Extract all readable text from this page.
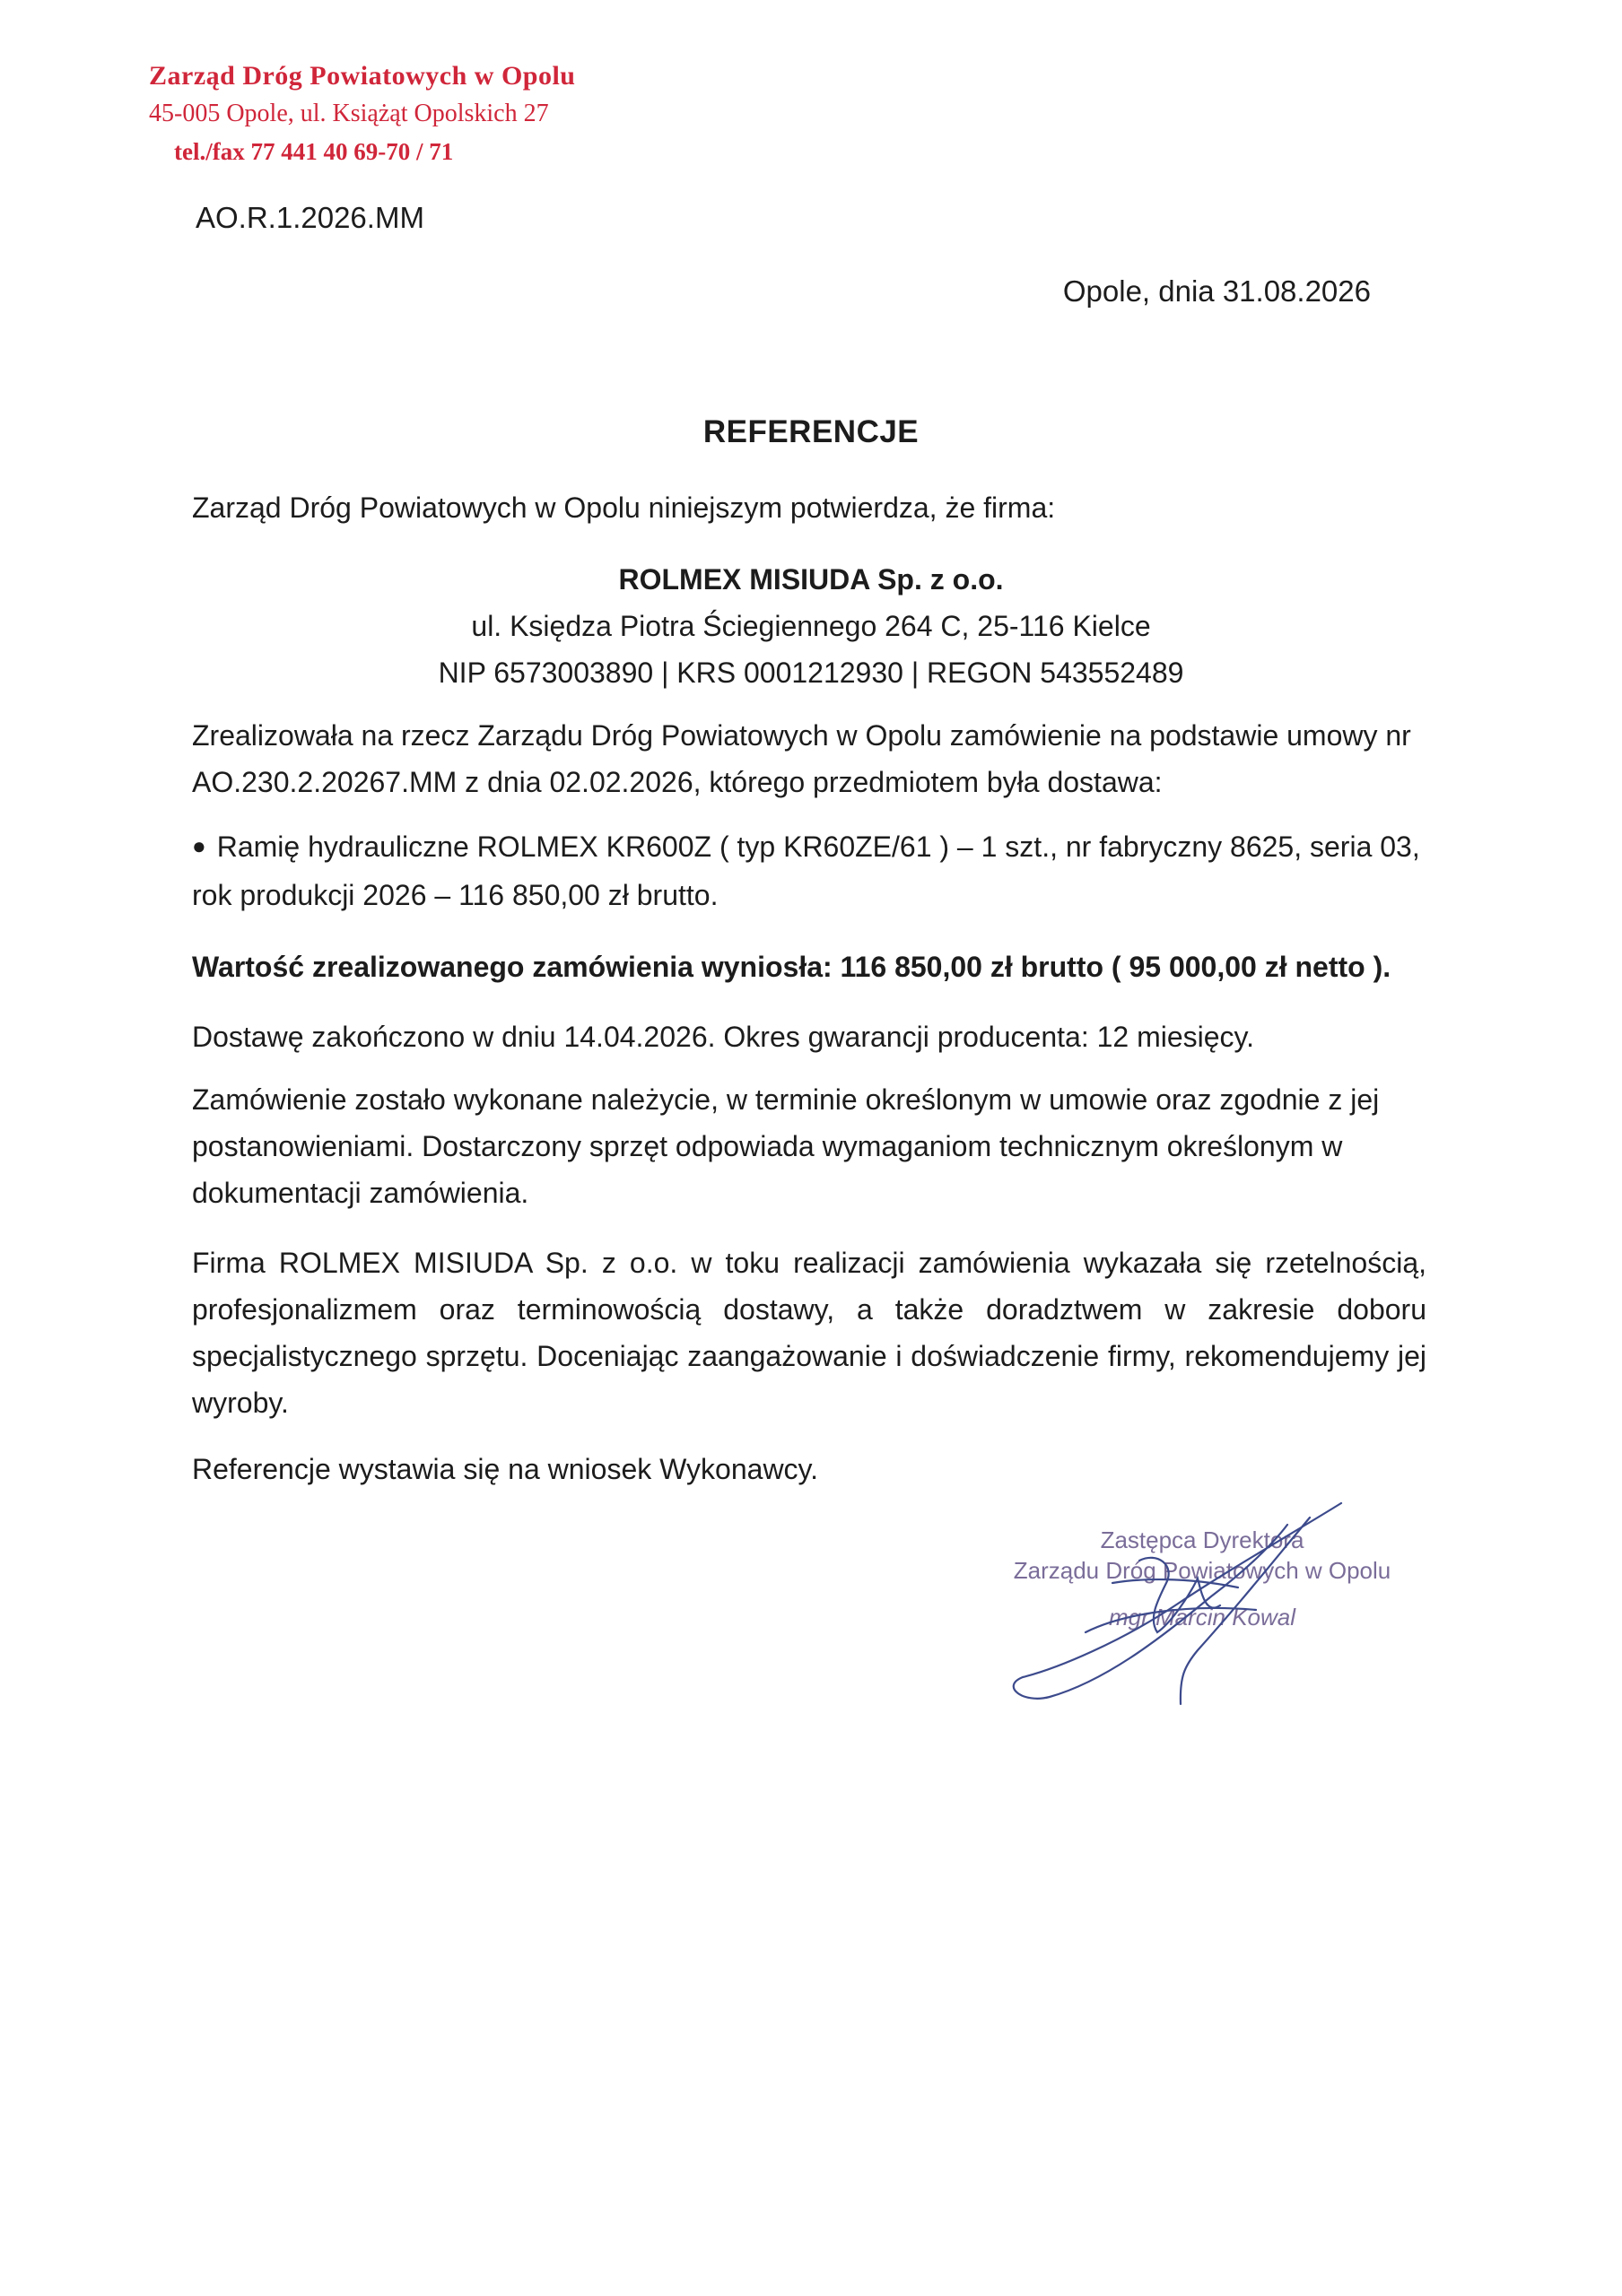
Zarząd Dróg Powiatowych w Opolu
45-005 Opole, ul. Książąt Opolskich 27
tel./fax 77 441 40 69-70 / 71
AO.R.1.2026.MM
Opole, dnia 31.08.2026
REFERENCJE
Zarząd Dróg Powiatowych w Opolu niniejszym potwierdza, że firma:
ROLMEX MISIUDA Sp. z o.o.
ul. Księdza Piotra Ściegiennego 264 C, 25-116 Kielce
NIP 6573003890 | KRS 0001212930 | REGON 543552489
Zrealizowała na rzecz Zarządu Dróg Powiatowych w Opolu zamówienie na podstawie umowy nr AO.230.2.20267.MM z dnia 02.02.2026, którego przedmiotem była dostawa:
● Ramię hydrauliczne ROLMEX KR600Z ( typ KR60ZE/61 ) – 1 szt., nr fabryczny 8625, seria 03, rok produkcji 2026 – 116 850,00 zł brutto.
Wartość zrealizowanego zamówienia wyniosła: 116 850,00 zł brutto ( 95 000,00 zł netto ).
Dostawę zakończono w dniu 14.04.2026. Okres gwarancji producenta: 12 miesięcy.
Zamówienie zostało wykonane należycie, w terminie określonym w umowie oraz zgodnie z jej postanowieniami. Dostarczony sprzęt odpowiada wymaganiom technicznym określonym w dokumentacji zamówienia.
Firma ROLMEX MISIUDA Sp. z o.o. w toku realizacji zamówienia wykazała się rzetelnością, profesjonalizmem oraz terminowością dostawy, a także doradztwem w zakresie doboru specjalistycznego sprzętu. Doceniając zaangażowanie i doświadczenie firmy, rekomendujemy jej wyroby.
Referencje wystawia się na wniosek Wykonawcy.
Zastępca Dyrektora
Zarządu Dróg Powiatowych w Opolu
mgr Marcin Kowal
